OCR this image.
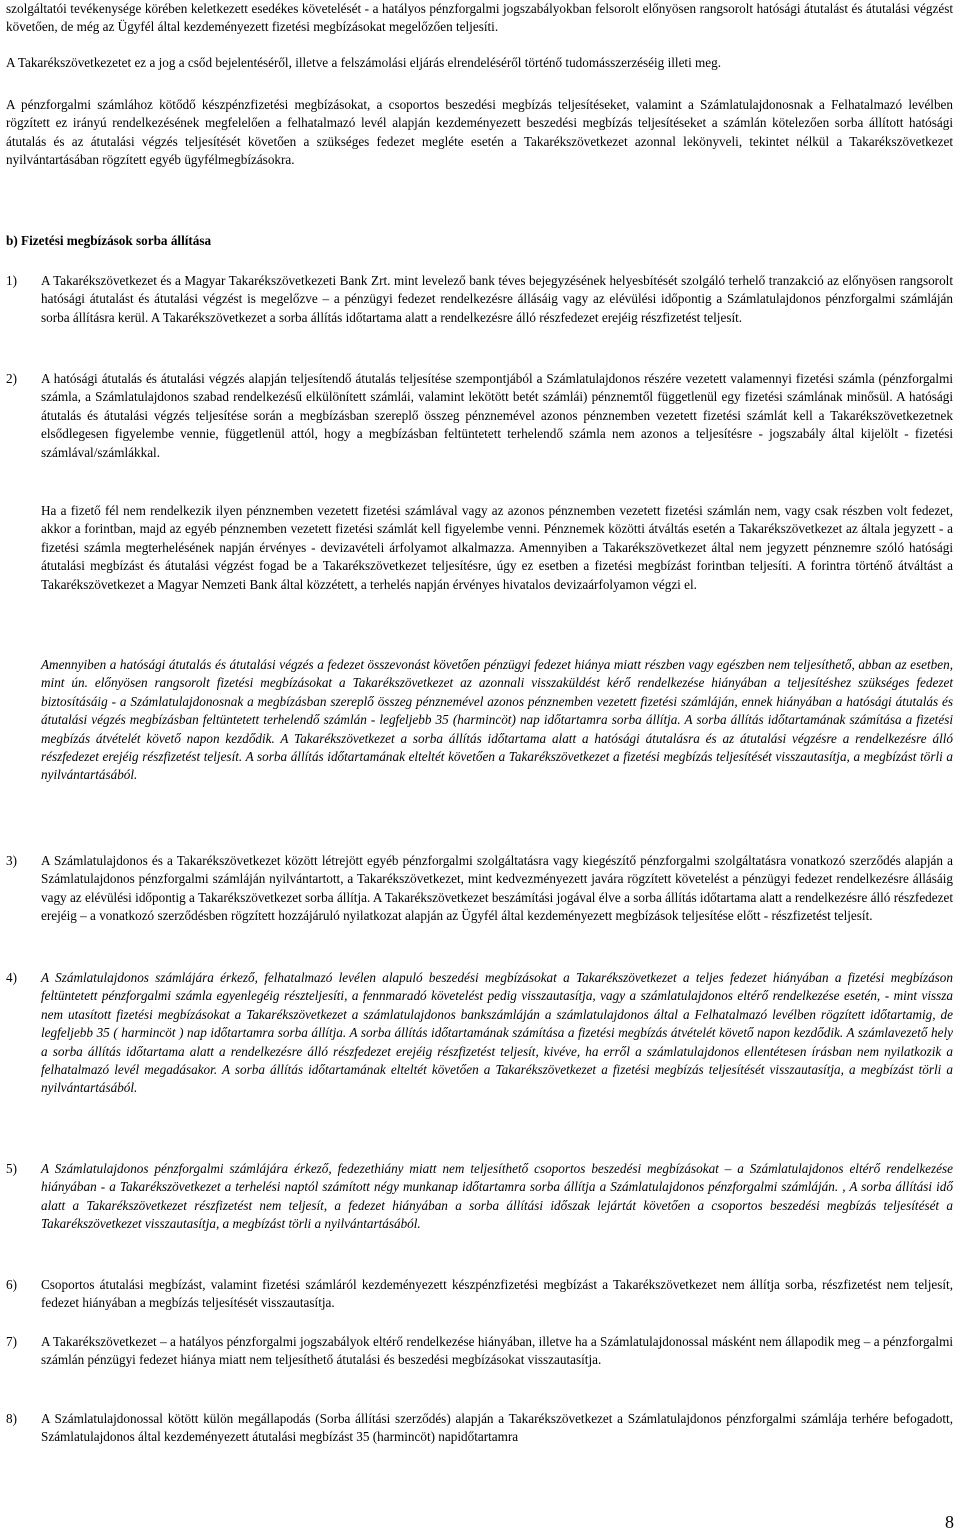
szolgáltatói tevékenysége körében keletkezett esedékes követelését - a hatályos pénzforgalmi jogszabályokban felsorolt előnyösen rangsorolt hatósági átutalást és átutalási végzést követően, de még az Ügyfél által kezdeményezett fizetési megbízásokat megelőzően teljesíti.

A Takarékszövetkezetet ez a jog a csőd bejelentéséről, illetve a felszámolási eljárás elrendeléséről történő tudomásszerzéséig illeti meg.

A pénzforgalmi számlához kötődő készpénzfizetési megbízásokat, a csoportos beszedési megbízás teljesítéseket, valamint a Számlatulajdonosnak a Felhatalmazó levélben rögzített ez irányú rendelkezésének megfelelően a felhatalmazó levél alapján kezdeményezett beszedési megbízás teljesítéseket a számlán kötelezően sorba állított hatósági átutalás és az átutalási végzés teljesítését követően a szükséges fedezet megléte esetén a Takarékszövetkezet azonnal lekönyveli, tekintet nélkül a Takarékszövetkezet nyilvántartásában rögzített egyéb ügyfélmegbízásokra.

b) Fizetési megbízások sorba állítása

1)	A Takarékszövetkezet és a Magyar Takarékszövetkezeti Bank Zrt. mint levelező bank téves bejegyzésének helyesbítését szolgáló terhelő tranzakció az előnyösen rangsorolt hatósági átutalást és átutalási végzést is megelőzve – a pénzügyi fedezet rendelkezésre állásáig vagy az elévülési időpontig a Számlatulajdonos pénzforgalmi számláján sorba állításra kerül. A Takarékszövetkezet a sorba állítás időtartama alatt a rendelkezésre álló részfedezet erejéig részfizetést teljesít.

2)	A hatósági átutalás és átutalási végzés alapján teljesítendő átutalás teljesítése szempontjából a Számlatulajdonos részére vezetett valamennyi fizetési számla (pénzforgalmi számla, a Számlatulajdonos szabad rendelkezésű elkülönített számlái, valamint lekötött betét számlái) pénznemtől függetlenül egy fizetési számlának minősül. A hatósági átutalás és átutalási végzés teljesítése során a megbízásban szereplő összeg pénznemével azonos pénznemben vezetett fizetési számlát kell a Takarékszövetkezetnek elsődlegesen figyelembe vennie, függetlenül attól, hogy a megbízásban feltüntetett terhelendő számla nem azonos a teljesítésre - jogszabály által kijelölt - fizetési számlával/számlákkal.

Ha a fizető fél nem rendelkezik ilyen pénznemben vezetett fizetési számlával vagy az azonos pénznemben vezetett fizetési számlán nem, vagy csak részben volt fedezet, akkor a forintban, majd az egyéb pénznemben vezetett fizetési számlát kell figyelembe venni. Pénznemek közötti átváltás esetén a Takarékszövetkezet az általa jegyzett - a fizetési számla megterhelésének napján érvényes - devizavételi árfolyamot alkalmazza. Amennyiben a Takarékszövetkezet által nem jegyzett pénznemre szóló hatósági átutalási megbízást és átutalási végzést fogad be a Takarékszövetkezet teljesítésre, úgy ez esetben a fizetési megbízást forintban teljesíti. A forintra történő átváltást a Takarékszövetkezet a Magyar Nemzeti Bank által közzétett, a terhelés napján érvényes hivatalos devizaárfolyamon végzi el.

Amennyiben a hatósági átutalás és átutalási végzés a fedezet összevonást követően pénzügyi fedezet hiánya miatt részben vagy egészben nem teljesíthető, abban az esetben, mint ún. előnyösen rangsorolt fizetési megbízásokat a Takarékszövetkezet az azonnali visszaküldést kérő rendelkezése hiányában a teljesítéshez szükséges fedezet biztosításáig - a Számlatulajdonosnak a megbízásban szereplő összeg pénznemével azonos pénznemben vezetett fizetési számláján, ennek hiányában a hatósági átutalás és átutalási végzés megbízásban feltüntetett terhelendő számlán - legfeljebb 35 (harmincöt) nap időtartamra sorba állítja. A sorba állítás időtartamának számítása a fizetési megbízás átvételét követő napon kezdődik. A Takarékszövetkezet a sorba állítás időtartama alatt a hatósági átutalásra és az átutalási végzésre a rendelkezésre álló részfedezet erejéig részfizetést teljesít. A sorba állítás időtartamának elteltét követően a Takarékszövetkezet a fizetési megbízás teljesítését visszautasítja, a megbízást törli a nyilvántartásából.

3)	A Számlatulajdonos és a Takarékszövetkezet között létrejött egyéb pénzforgalmi szolgáltatásra vagy kiegészítő pénzforgalmi szolgáltatásra vonatkozó szerződés alapján a Számlatulajdonos pénzforgalmi számláján nyilvántartott, a Takarékszövetkezet, mint kedvezményezett javára rögzített követelést a pénzügyi fedezet rendelkezésre állásáig vagy az elévülési időpontig a Takarékszövetkezet sorba állítja. A Takarékszövetkezet beszámítási jogával élve a sorba állítás időtartama alatt a rendelkezésre álló részfedezet erejéig – a vonatkozó szerződésben rögzített hozzájáruló nyilatkozat alapján az Ügyfél által kezdeményezett megbízások teljesítése előtt - részfizetést teljesít.

4)	A Számlatulajdonos számlájára érkező, felhatalmazó levélen alapuló beszedési megbízásokat a Takarékszövetkezet a teljes fedezet hiányában a fizetési megbízáson feltüntetett pénzforgalmi számla egyenlegéig részteljesíti, a fennmaradó követelést pedig visszautasítja, vagy a számlatulajdonos eltérő rendelkezése esetén, - mint vissza nem utasított fizetési megbízásokat a Takarékszövetkezet a számlatulajdonos bankszámláján a számlatulajdonos által a Felhatalmazó levélben rögzített időtartamig, de legfeljebb 35 ( harmincöt ) nap időtartamra sorba állítja. A sorba állítás időtartamának számítása a fizetési megbízás átvételét követő napon kezdődik. A számlavezető hely a sorba állítás időtartama alatt a rendelkezésre álló részfedezet erejéig részfizetést teljesít, kivéve, ha erről a számlatulajdonos ellentétesen írásban nem nyilatkozik a felhatalmazó levél megadásakor. A sorba állítás időtartamának elteltét követően a Takarékszövetkezet a fizetési megbízás teljesítését visszautasítja, a megbízást törli a nyilvántartásából.

5)	A Számlatulajdonos pénzforgalmi számlájára érkező, fedezethiány miatt nem teljesíthető csoportos beszedési megbízásokat – a Számlatulajdonos eltérő rendelkezése hiányában - a Takarékszövetkezet a terhelési naptól számított négy munkanap időtartamra sorba állítja a Számlatulajdonos pénzforgalmi számláján. , A sorba állítási idő alatt a Takarékszövetkezet részfizetést nem teljesít, a fedezet hiányában a sorba állítási időszak lejártát követően a csoportos beszedési megbízás teljesítését a Takarékszövetkezet visszautasítja, a megbízást törli a nyilvántartásából.

6)	Csoportos átutalási megbízást, valamint fizetési számláról kezdeményezett készpénzfizetési megbízást a Takarékszövetkezet nem állítja sorba, részfizetést nem teljesít, fedezet hiányában a megbízás teljesítését visszautasítja.

7)	A Takarékszövetkezet – a hatályos pénzforgalmi jogszabályok eltérő rendelkezése hiányában, illetve ha a Számlatulajdonossal másként nem állapodik meg – a pénzforgalmi számlán pénzügyi fedezet hiánya miatt nem teljesíthető átutalási és beszedési megbízásokat visszautasítja.

8)	A Számlatulajdonossal kötött külön megállapodás (Sorba állítási szerződés) alapján a Takarékszövetkezet a Számlatulajdonos pénzforgalmi számlája terhére befogadott, Számlatulajdonos által kezdeményezett átutalási megbízást 35 (harmincöt) napidőtartamra

8
